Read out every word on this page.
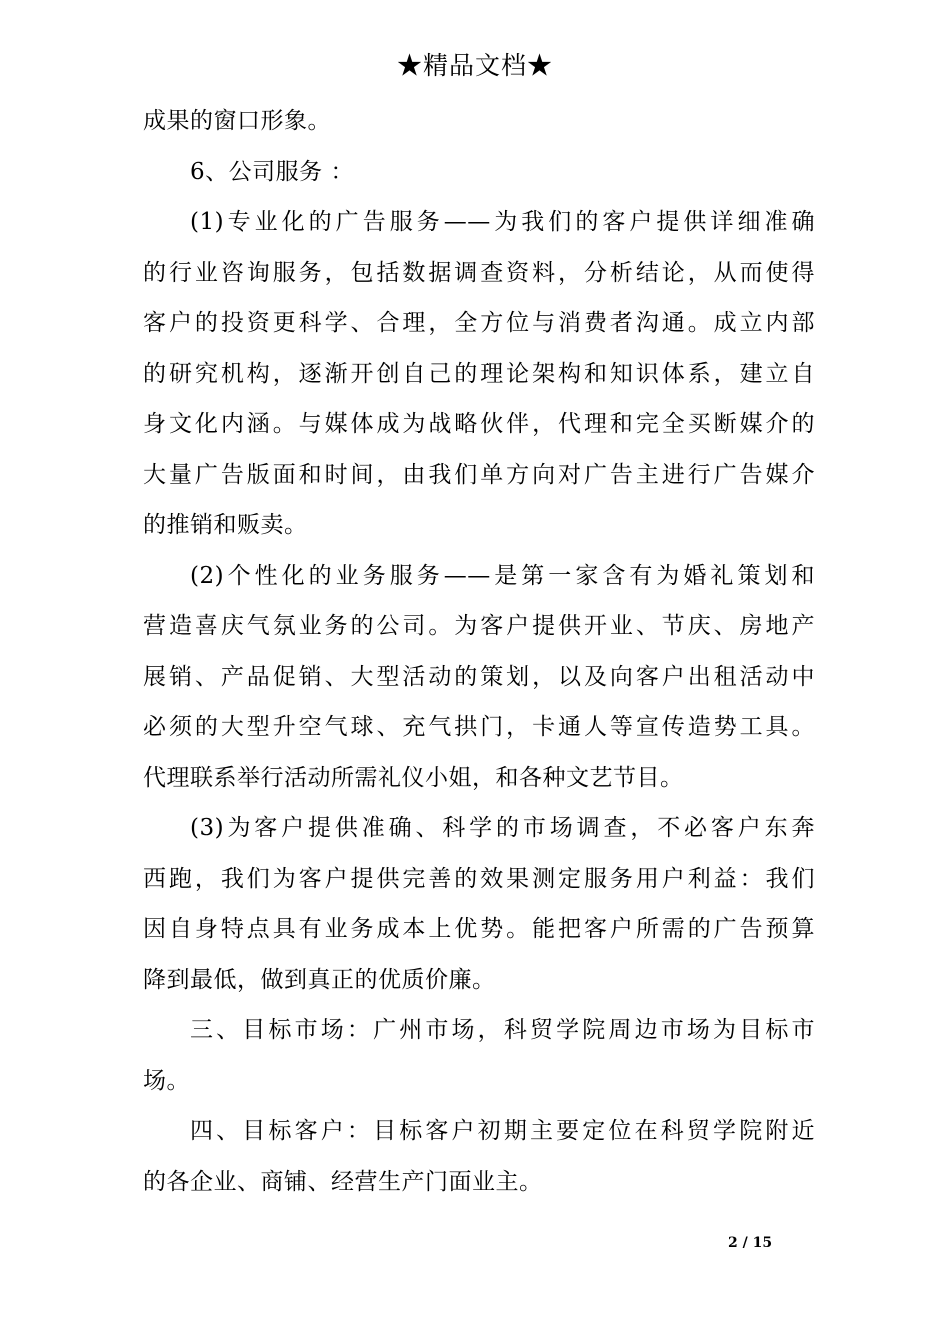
★精品文档★
成果的窗口形象。
6、公司服务 ：
(1)专业化的广告服务——为我们的客户提供详细准确
的行业咨询服务，包括数据调查资料，分析结论，从而使得
客户的投资更科学、合理，全方位与消费者沟通。成立内部
的研究机构，逐渐开创自己的理论架构和知识体系，建立自
身文化内涵。与媒体成为战略伙伴，代理和完全买断媒介的
大量广告版面和时间，由我们单方向对广告主进行广告媒介
的推销和贩卖。
(2)个性化的业务服务——是第一家含有为婚礼策划和
营造喜庆气氛业务的公司。为客户提供开业、节庆、房地产
展销、产品促销、大型活动的策划，以及向客户出租活动中
必须的大型升空气球、充气拱门，卡通人等宣传造势工具。
代理联系举行活动所需礼仪小姐，和各种文艺节目。
(3)为客户提供准确、科学的市场调查，不必客户东奔
西跑，我们为客户提供完善的效果测定服务用户利益：我们
因自身特点具有业务成本上优势。能把客户所需的广告预算
降到最低，做到真正的优质价廉。
三、目标市场：广州市场，科贸学院周边市场为目标市
场。
四、目标客户：目标客户初期主要定位在科贸学院附近
的各企业、商铺、经营生产门面业主。
2 / 15
